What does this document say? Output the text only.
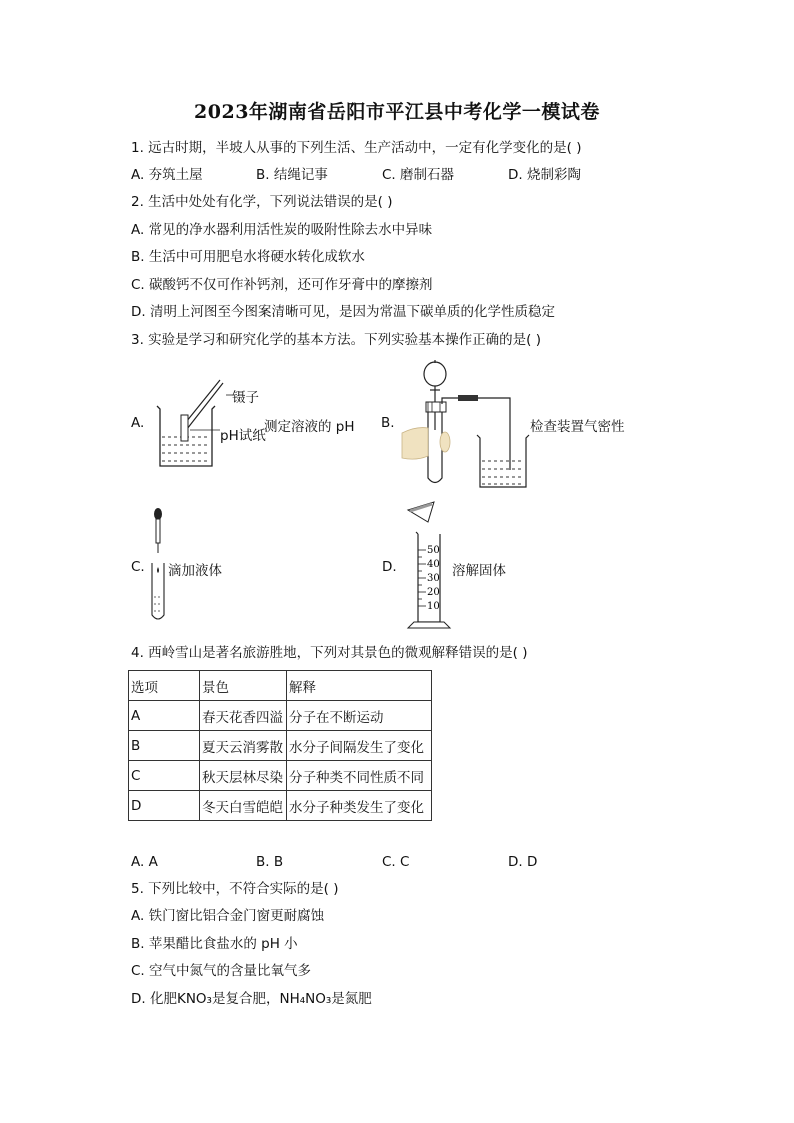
2023年湖南省岳阳市平江县中考化学一模试卷
1. 远古时期，半坡人从事的下列生活、生产活动中，一定有化学变化的是( )
A. 夯筑土屋	B. 结绳记事	C. 磨制石器	D. 烧制彩陶
2. 生活中处处有化学，下列说法错误的是( )
A. 常见的净水器利用活性炭的吸附性除去水中异味
B. 生活中可用肥皂水将硬水转化成软水
C. 碳酸钙不仅可作补钙剂，还可作牙膏中的摩擦剂
D. 清明上河图至今图案清晰可见，是因为常温下碳单质的化学性质稳定
3. 实验是学习和研究化学的基本方法。下列实验基本操作正确的是( )
A.
镊子
pH试纸
测定溶液的 pH B.	检查装置气密性
C. 滴加液体	D.
50
40
30
20
10
溶解固体
4. 西岭雪山是著名旅游胜地，下列对其景色的微观解释错误的是( )
选项	景色	解释
A	春天花香四溢	分子在不断运动
B	夏天云消雾散	水分子间隔发生了变化
C	秋天层林尽染	分子种类不同性质不同
D	冬天白雪皑皑	水分子种类发生了变化
A. A	B. B	C. C	D. D
5. 下列比较中，不符合实际的是( )
A. 铁门窗比铝合金门窗更耐腐蚀
B. 苹果醋比食盐水的 pH 小
C. 空气中氮气的含量比氧气多
D. 化肥KNO₃是复合肥，NH₄NO₃是氮肥
